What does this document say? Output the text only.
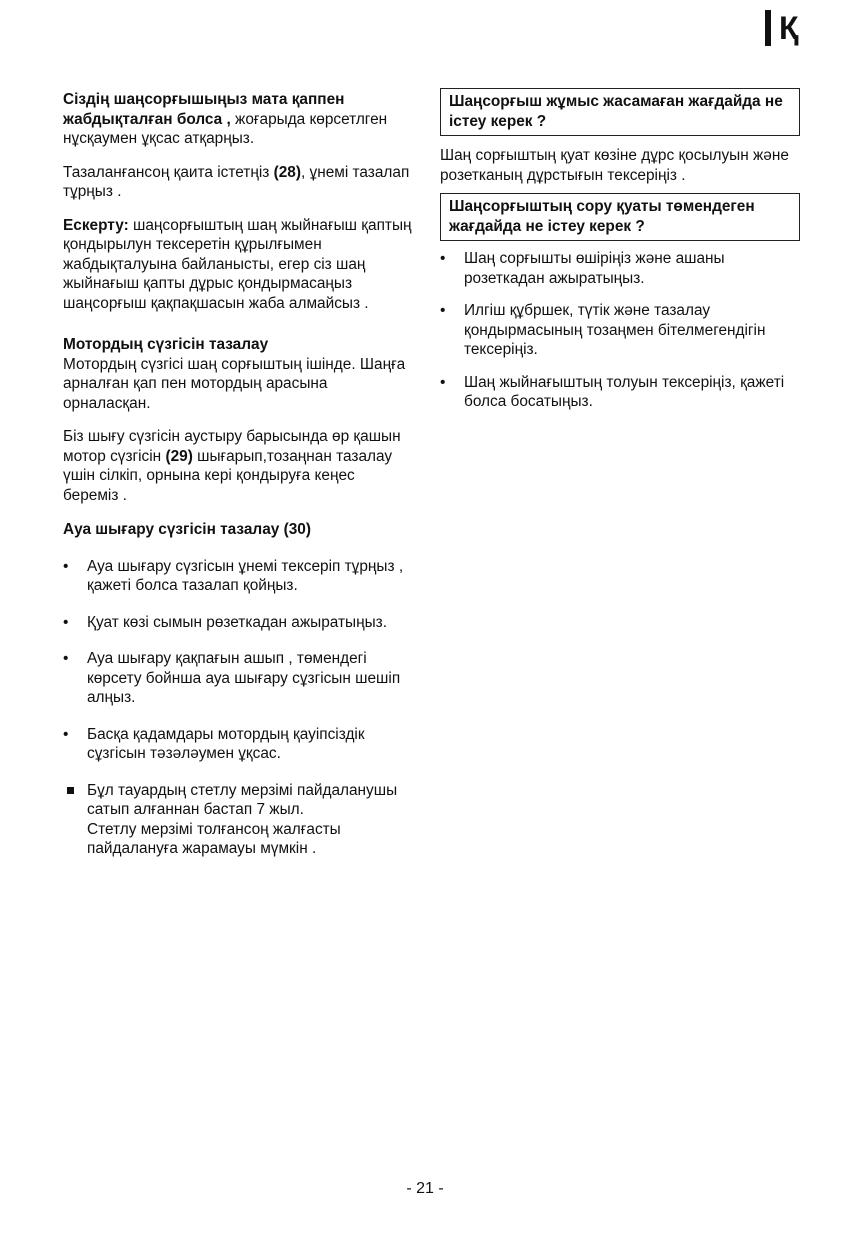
Қ

Сіздің шаңсорғышыңыз мата қаппен жабдықталған болса , жоғарыда көрсетлген нұсқаумен ұқсас атқарңыз.

Тазаланғансоң қаита істетңіз (28), ұнемі тазалап тұрңыз .

Ескерту: шаңсорғыштың шаң жыйнағыш қаптың қондырылун тексеретін құрылғымен жабдықталуына байланысты, егер сіз шаң жыйнағыш қапты дұрыс қондырмасаңыз шаңсорғыш қақпақшасын жаба алмайсыз .

Мотордың сүзгісін тазалау

Мотордың сүзгісі шаң сорғыштың ішінде. Шаңға арналған қап пен мотордың арасына орналасқан.

Біз шығу сүзгісін аустыру барысында өр қашын мотор сүзгісін (29) шығарып,тозаңнан тазалау үшін сілкіп, орнына кері қондыруға кеңес береміз .

Ауа шығару сүзгісін тазалау (30)

• Ауа шығару сүзгісын ұнемі тексеріп тұрңыз , қажеті болса тазалап қойңыз.
• Қуат көзі сымын рөзеткадан ажыратыңыз.
• Ауа шығару қақпағын ашып , төмендегі көрсету бойнша ауа шығару сұзгісын шешіп алңыз.
• Басқа қадамдары мотордың қауіпсіздік сұзгісын тәзәләумен ұқсас.
Бұл тауардың стетлу мерзімі пайдаланушы сатып алғаннан бастап 7 жыл.
Стетлу мерзімі толғансоң жалғасты пайдалануға жарамауы мүмкін .
Шаңсорғыш жұмыс жасамаған жағдайда не істеу керек ?

Шаң сорғыштың қуат көзіне дұрс қосылуын және розетканың дұрстығын тексеріңіз .

Шаңсорғыштың сору қуаты төмендеген жағдайда не істеу керек ?
• Шаң сорғышты өшіріңіз және ашаны розеткадан ажыратыңыз.
• Илгіш құбршек, түтік және тазалау қондырмасының тозаңмен бітелмегендігін тексеріңіз.
• Шаң жыйнағыштың толуын тексеріңіз, қажеті болса босатыңыз.
- 21 -
